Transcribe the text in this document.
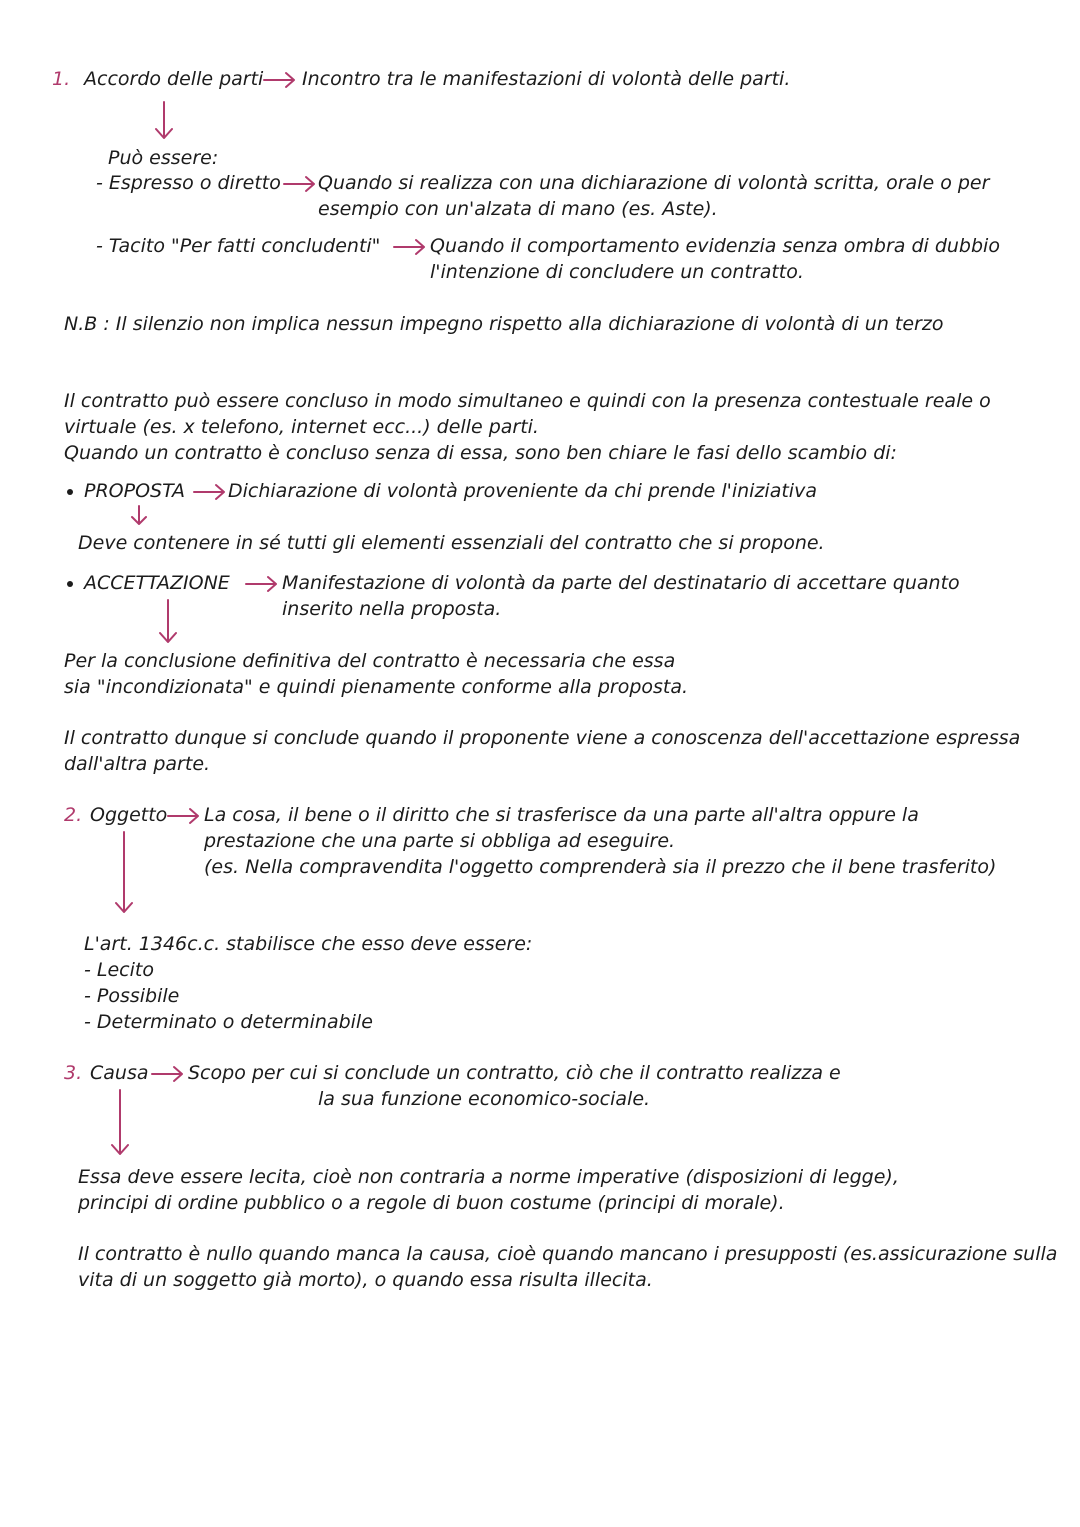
1. Accordo delle parti Incontro tra le manifestazioni di volontà delle parti.
Può essere:
- Espresso o diretto Quando si realizza con una dichiarazione di volontà scritta, orale o per
esempio con un'alzata di mano (es. Aste).
- Tacito "Per fatti concludenti"	Quando il comportamento evidenzia senza ombra di dubbio
l'intenzione di concludere un contratto.
N.B : Il silenzio non implica nessun impegno rispetto alla dichiarazione di volontà di un terzo
Il contratto può essere concluso in modo simultaneo e quindi con la presenza contestuale reale o
virtuale (es. x telefono, internet ecc...) delle parti.
Quando un contratto è concluso senza di essa, sono ben chiare le fasi dello scambio di:
PROPOSTA Dichiarazione di volontà proveniente da chi prende l'iniziativa
Deve contenere in sé tutti gli elementi essenziali del contratto che si propone.
ACCETTAZIONE	Manifestazione di volontà da parte del destinatario di accettare quanto
inserito nella proposta.
Per la conclusione definitiva del contratto è necessaria che essa
sia "incondizionata" e quindi pienamente conforme alla proposta.
Il contratto dunque si conclude quando il proponente viene a conoscenza dell'accettazione espressa
dall'altra parte.
2. Oggetto La cosa, il bene o il diritto che si trasferisce da una parte all'altra oppure la
prestazione che una parte si obbliga ad eseguire.
(es. Nella compravendita l'oggetto comprenderà sia il prezzo che il bene trasferito)
L'art. 1346c.c. stabilisce che esso deve essere:
- Lecito
- Possibile
- Determinato o determinabile
3. Causa Scopo per cui si conclude un contratto, ciò che il contratto realizza e
la sua funzione economico-sociale.
Essa deve essere lecita, cioè non contraria a norme imperative (disposizioni di legge),
principi di ordine pubblico o a regole di buon costume (principi di morale).
Il contratto è nullo quando manca la causa, cioè quando mancano i presupposti (es.assicurazione sulla
vita di un soggetto già morto), o quando essa risulta illecita.
